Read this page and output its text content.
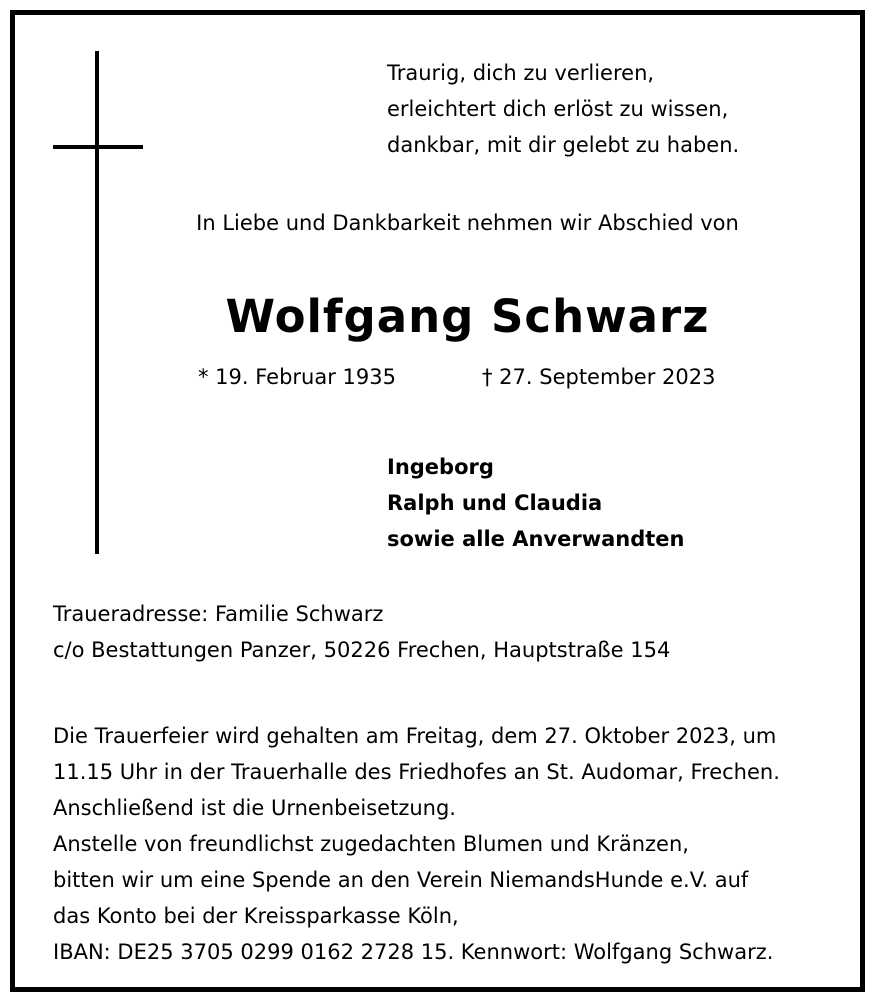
Traurig, dich zu verlieren,
erleichtert dich erlöst zu wissen,
dankbar, mit dir gelebt zu haben.
In Liebe und Dankbarkeit nehmen wir Abschied von
Wolfgang Schwarz
* 19. Februar 1935	† 27. September 2023
Ingeborg
Ralph und Claudia
sowie alle Anverwandten
Traueradresse: Familie Schwarz
c/o Bestattungen Panzer, 50226 Frechen, Hauptstraße 154
Die Trauerfeier wird gehalten am Freitag, dem 27. Oktober 2023, um
11.15 Uhr in der Trauerhalle des Friedhofes an St. Audomar, Frechen.
Anschließend ist die Urnenbeisetzung.
Anstelle von freundlichst zugedachten Blumen und Kränzen,
bitten wir um eine Spende an den Verein NiemandsHunde e.V. auf
das Konto bei der Kreissparkasse Köln,
IBAN: DE25 3705 0299 0162 2728 15. Kennwort: Wolfgang Schwarz.
